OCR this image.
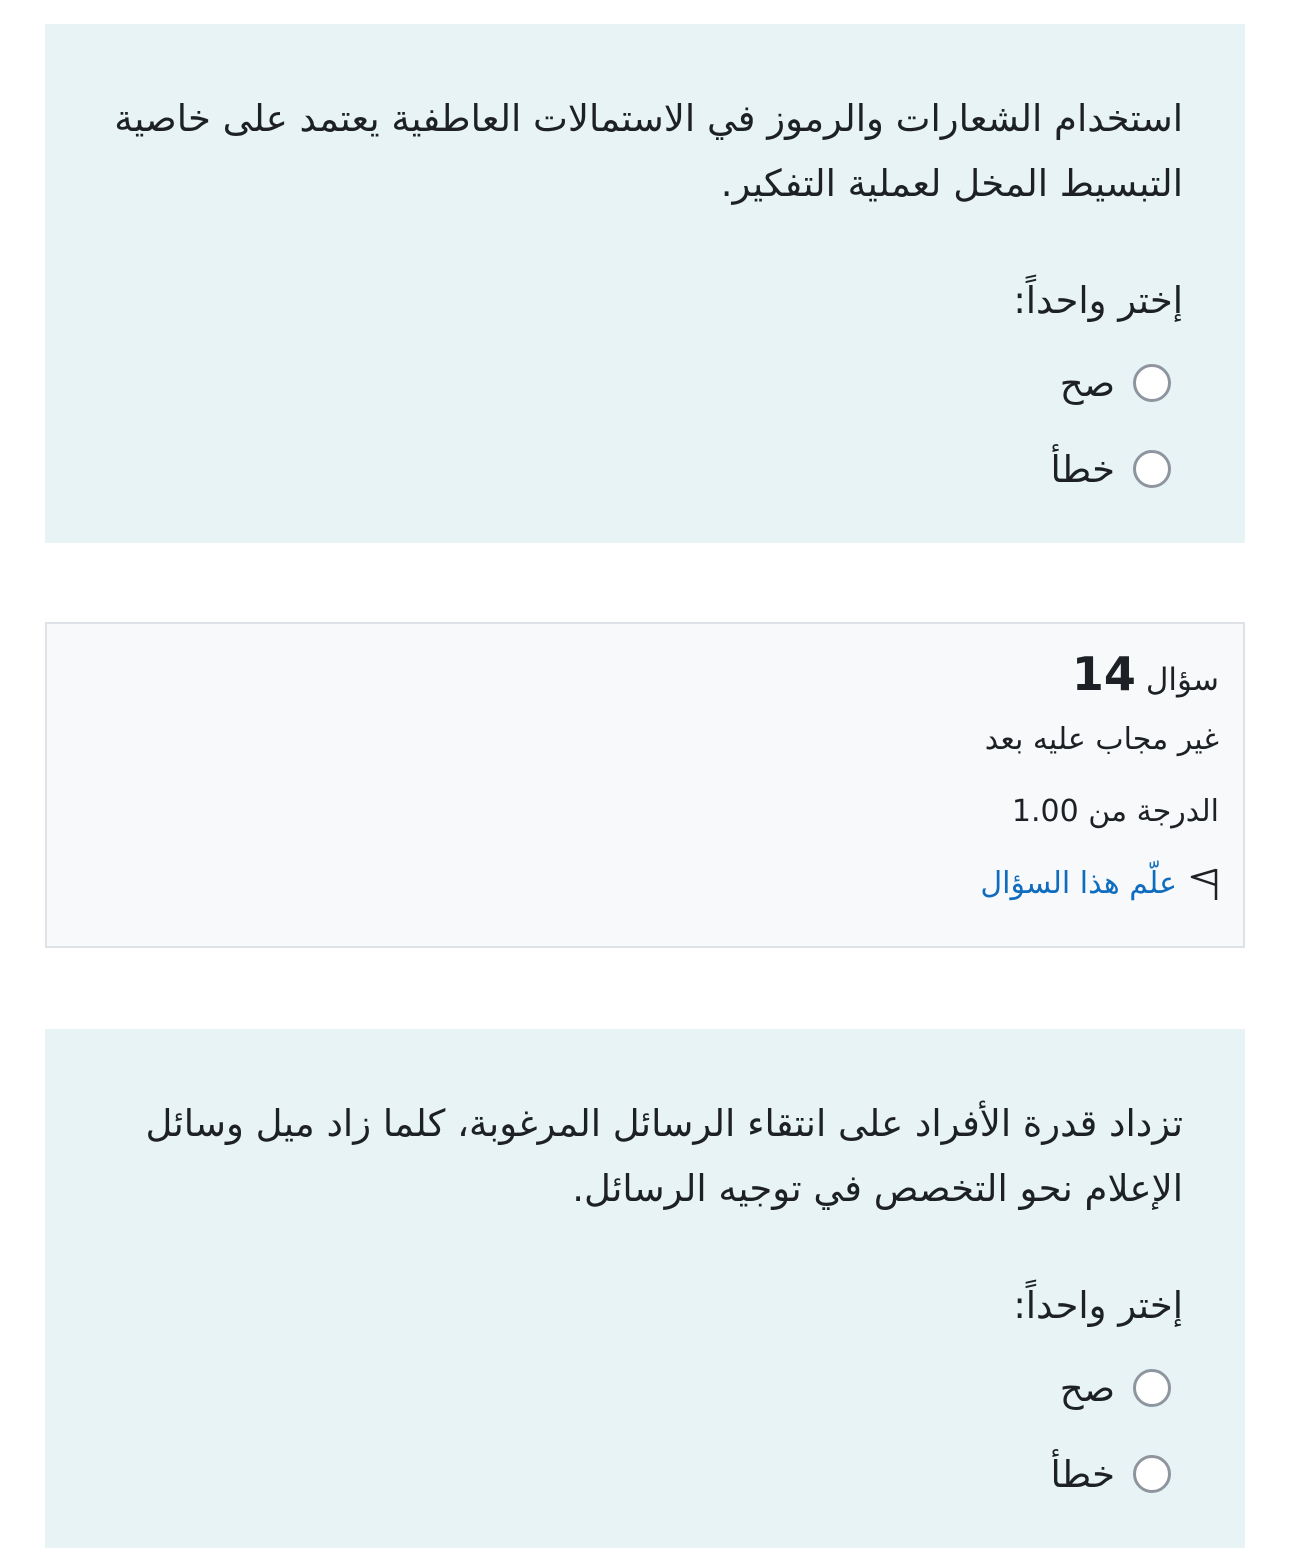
استخدام الشعارات والرموز في الاستمالات العاطفية يعتمد على خاصية التبسيط المخل لعملية التفكير.

إختر واحداً:
صح
خطأ
سؤال14
غير مجاب عليه بعد
الدرجة من 1.00
علّم هذا السؤال

تزداد قدرة الأفراد على انتقاء الرسائل المرغوبة، كلما زاد ميل وسائل الإعلام نحو التخصص في توجيه الرسائل.

إختر واحداً:
صح
خطأ
